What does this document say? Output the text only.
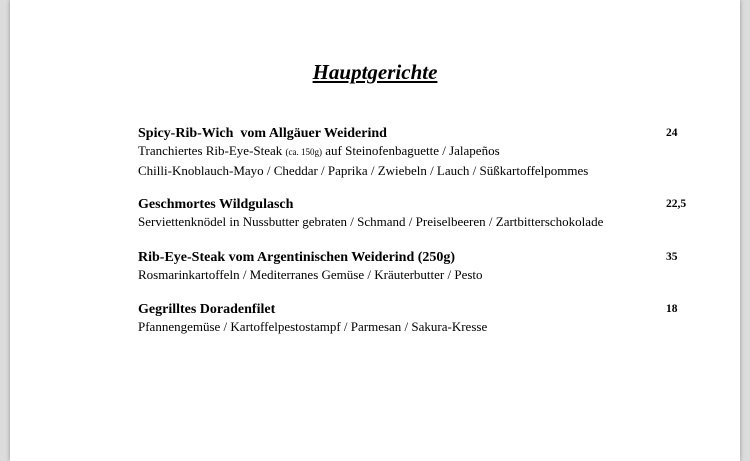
Hauptgerichte
Spicy-Rib-Wich  vom Allgäuer Weiderind
Tranchiertes Rib-Eye-Steak (ca. 150g) auf Steinofenbaguette / Jalapeños
Chilli-Knoblauch-Mayo / Cheddar / Paprika / Zwiebeln / Lauch / Süßkartoffelpommes
24
Geschmortes Wildgulasch
Serviettenknödel in Nussbutter gebraten / Schmand / Preiselbeeren / Zartbitterschokolade
22,5
Rib-Eye-Steak vom Argentinischen Weiderind (250g)
Rosmarinkartoffeln / Mediterranes Gemüse / Kräuterbutter / Pesto
35
Gegrilltes Doradenfilet
Pfannengemüse / Kartoffelpestostampf / Parmesan / Sakura-Kresse
18
